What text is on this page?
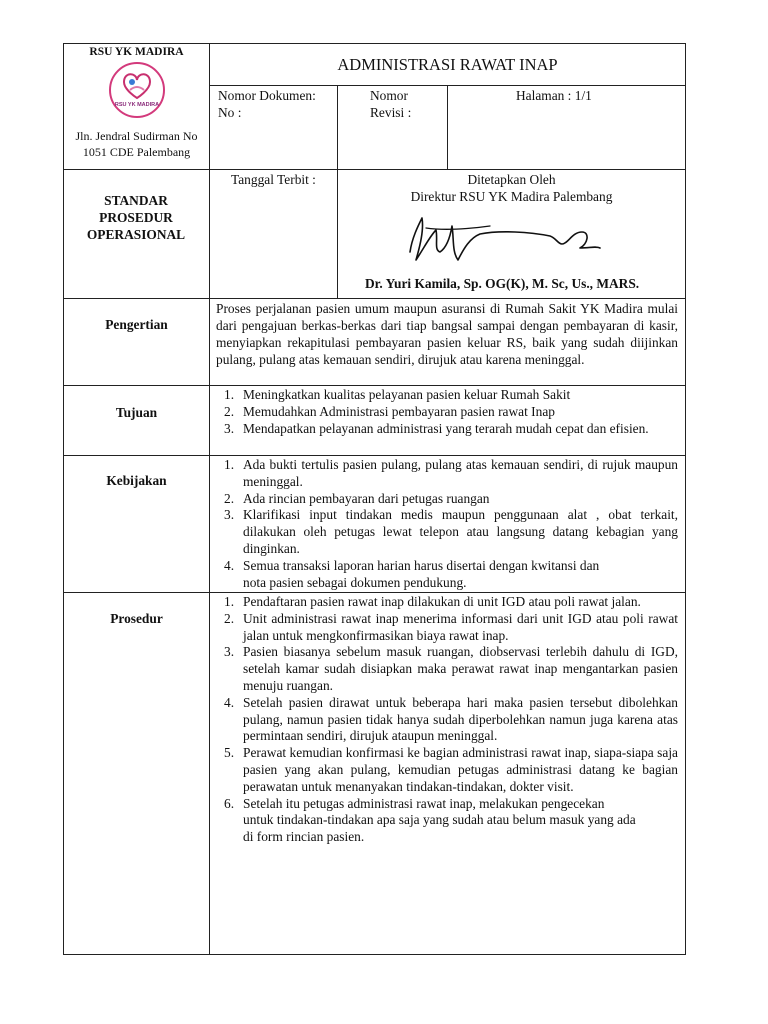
RSU YK MADIRA
RSU YK MADIRA
Jln. Jendral Sudirman No 1051 CDE Palembang
ADMINISTRASI RAWAT INAP
Nomor Dokumen: No :
Nomor Revisi :
Halaman : 1/1
STANDAR PROSEDUR OPERASIONAL
Tanggal Terbit :	Ditetapkan Oleh
Direktur RSU YK Madira Palembang
Dr. Yuri Kamila, Sp. OG(K), M. Sc, Us., MARS.
Pengertian
Proses perjalanan pasien umum maupun asuransi di Rumah Sakit YK Madira mulai dari pengajuan berkas-berkas dari tiap bangsal sampai dengan pembayaran di kasir, menyiapkan rekapitulasi pembayaran pasien keluar RS, baik yang sudah diijinkan pulang, pulang atas kemauan sendiri, dirujuk atau karena meninggal.
Tujuan
1. Meningkatkan kualitas pelayanan pasien keluar Rumah Sakit
2. Memudahkan Administrasi pembayaran pasien rawat Inap
3. Mendapatkan pelayanan administrasi yang terarah mudah cepat dan efisien.
Kebijakan
1. Ada bukti tertulis pasien pulang, pulang atas kemauan sendiri, di rujuk maupun meninggal.
2. Ada rincian pembayaran dari petugas ruangan
3. Klarifikasi input tindakan medis maupun penggunaan alat , obat terkait, dilakukan oleh petugas lewat telepon atau langsung datang kebagian yang dinginkan.
4. Semua transaksi laporan harian harus disertai dengan kwitansi dan nota pasien sebagai dokumen pendukung.
Prosedur
1. Pendaftaran pasien rawat inap dilakukan di unit IGD atau poli rawat jalan.
2. Unit administrasi rawat inap menerima informasi dari unit IGD atau poli rawat jalan untuk mengkonfirmasikan biaya rawat inap.
3. Pasien biasanya sebelum masuk ruangan, diobservasi terlebih dahulu di IGD, setelah kamar sudah disiapkan maka perawat rawat inap mengantarkan pasien menuju ruangan.
4. Setelah pasien dirawat untuk beberapa hari maka pasien tersebut dibolehkan pulang, namun pasien tidak hanya sudah diperbolehkan namun juga karena atas permintaan sendiri, dirujuk ataupun meninggal.
5. Perawat kemudian konfirmasi ke bagian administrasi rawat inap, siapa-siapa saja pasien yang akan pulang, kemudian petugas administrasi datang ke bagian perawatan untuk menanyakan tindakan-tindakan, dokter visit.
6. Setelah itu petugas administrasi rawat inap, melakukan pengecekan untuk tindakan-tindakan apa saja yang sudah atau belum masuk yang ada di form rincian pasien.
